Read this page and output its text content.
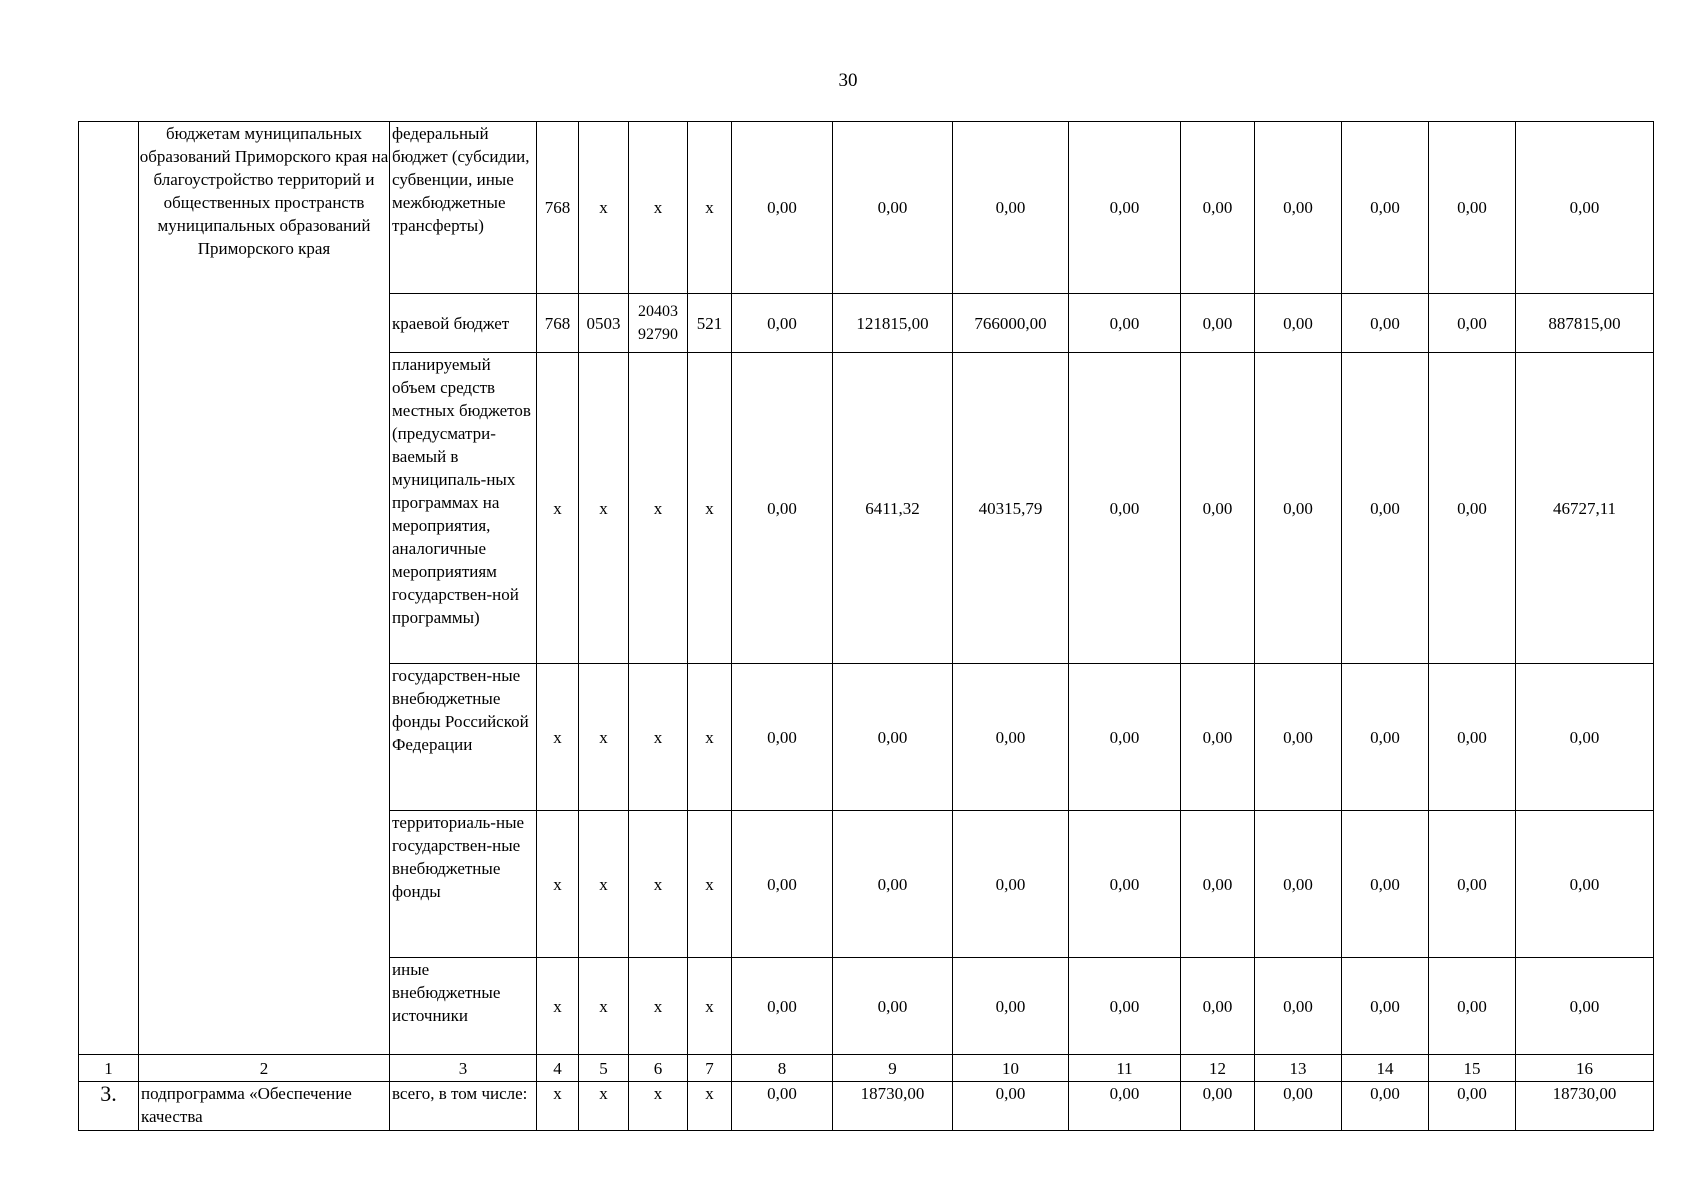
30
	бюджетам муниципальных образований Приморского края на благоустройство территорий и общественных пространств муниципальных образований Приморского края	федеральный бюджет (субсидии, субвенции, иные межбюджетные трансферты)	768	x	x	x	0,00	0,00	0,00	0,00	0,00	0,00	0,00	0,00	0,00
		краевой бюджет	768	0503	20403 92790	521	0,00	121815,00	766000,00	0,00	0,00	0,00	0,00	0,00	887815,00
		планируемый объем средств местных бюджетов (предусматри-ваемый в муниципаль-ных программах на мероприятия, аналогичные мероприятиям государствен-ной программы)	x	x	x	x	0,00	6411,32	40315,79	0,00	0,00	0,00	0,00	0,00	46727,11
		государствен-ные внебюджетные фонды Российской Федерации	x	x	x	x	0,00	0,00	0,00	0,00	0,00	0,00	0,00	0,00	0,00
		территориаль-ные государствен-ные внебюджетные фонды	x	x	x	x	0,00	0,00	0,00	0,00	0,00	0,00	0,00	0,00	0,00
		иные внебюджетные источники	x	x	x	x	0,00	0,00	0,00	0,00	0,00	0,00	0,00	0,00	0,00
1	2	3	4	5	6	7	8	9	10	11	12	13	14	15	16
3.	подпрограмма «Обеспечение качества	всего, в том числе:	x	x	x	x	0,00	18730,00	0,00	0,00	0,00	0,00	0,00	0,00	18730,00
